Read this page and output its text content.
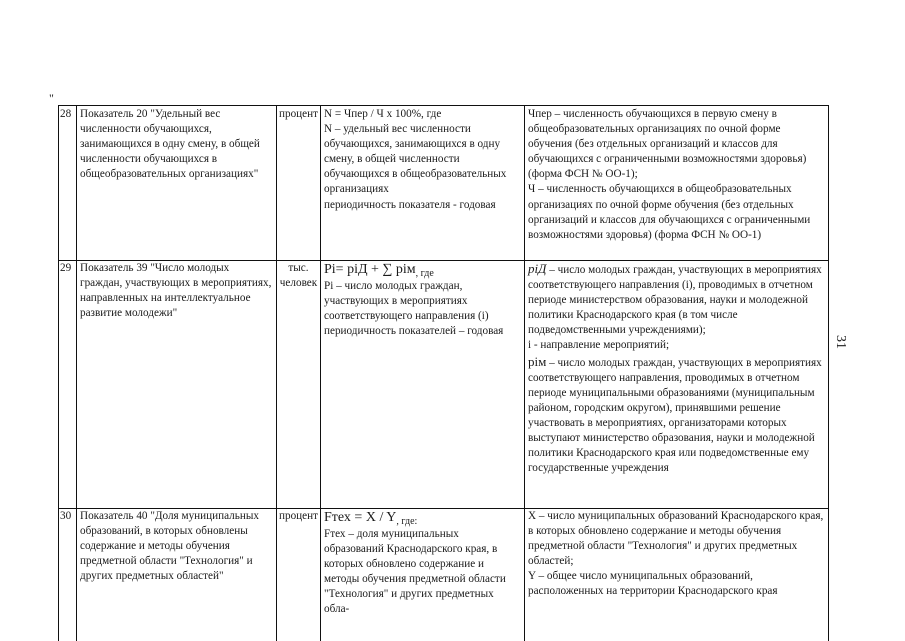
"
31
28 Показатель 20 "Удельный вес численности обучающихся, занимающихся в одну смену, в общей численности обучающихся в общеобразовательных организациях"
процент N = Чпер / Ч х 100%, где

N – удельный вес численности обучающихся, занимающихся в одну смену, в общей численности обучающихся в общеобразовательных организациях

периодичность показателя - годовая

Чпер – численность обучающихся в первую смену в общеобразовательных организациях по очной форме обучения (без отдельных организаций и классов для обучающихся с ограниченными возможностями здоровья) (форма ФСН № ОО-1);

Ч – численность обучающихся в общеобразовательных организациях по очной форме обучения (без отдельных организаций и классов для обучающихся с ограниченными возможностями здоровья) (форма ФСН № ОО-1)

29 Показатель 39 "Число молодых граждан, участвующих в мероприятиях, направленных на интеллектуальное развитие молодежи"
тыс. человек
Pi= piД + ∑ piм$_{, где}$

Pi – число молодых граждан, участвующих в мероприятиях соответствующего направления (i)

периодичность показателей – годовая

piД – число молодых граждан, участвующих в мероприятиях соответствующего направления (i), проводимых в отчетном периоде министерством образования, науки и молодежной политики Краснодарского края (в том числе подведомственными учреждениями);

i - направление мероприятий;

piм – число молодых граждан, участвующих в мероприятиях соответствующего направления, проводимых в отчетном периоде муниципальными образованиями (муниципальным районом, городским округом), принявшими решение участвовать в мероприятиях, организаторами которых выступают министерство образования, науки и молодежной политики Краснодарского края или подведомственные ему государственные учреждения

30 Показатель 40 "Доля муниципальных образований, в которых обновлены содержание и методы обучения предметной области "Технология" и других предметных областей"
процент Fтех = X / $Y_{, где:}$

Fтех – доля муниципальных образований Краснодарского края, в которых обновлено содержание и методы обучения предметной области "Технология" и других предметных обла-

X – число муниципальных образований Краснодарского края, в которых обновлено содержание и методы обучения предметной области "Технология" и других предметных областей;

Y – общее число муниципальных образований, расположенных на территории Краснодарского края
